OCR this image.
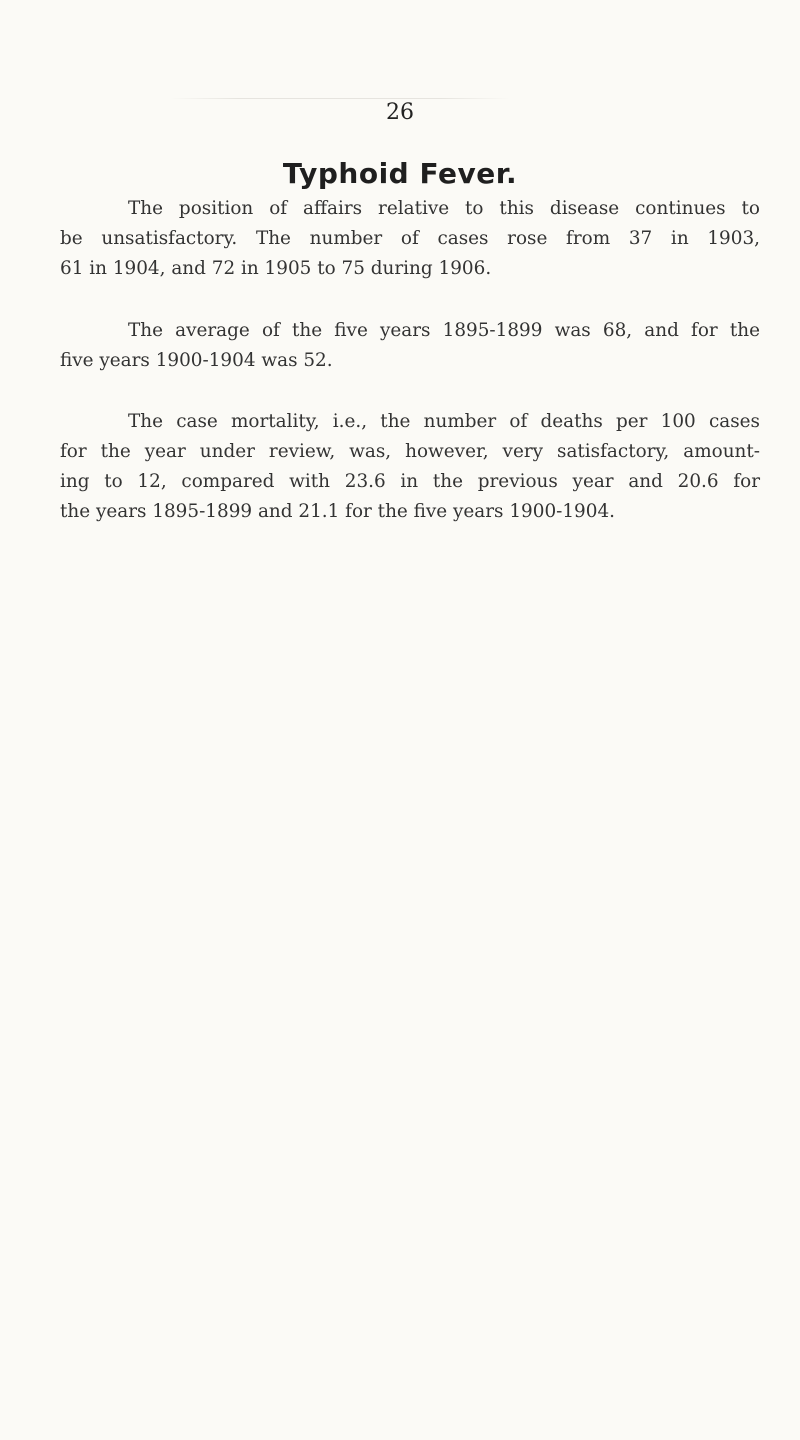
26
Typhoid Fever.
The position of affairs relative to this disease continues to
be unsatisfactory. The number of cases rose from 37 in 1903,
61 in 1904, and 72 in 1905 to 75 during 1906.
The average of the five years 1895-1899 was 68, and for the
five years 1900-1904 was 52.
The case mortality, i.e., the number of deaths per 100 cases
for the year under review, was, however, very satisfactory, amount-
ing to 12, compared with 23.6 in the previous year and 20.6 for
the years 1895-1899 and 21.1 for the five years 1900-1904.
